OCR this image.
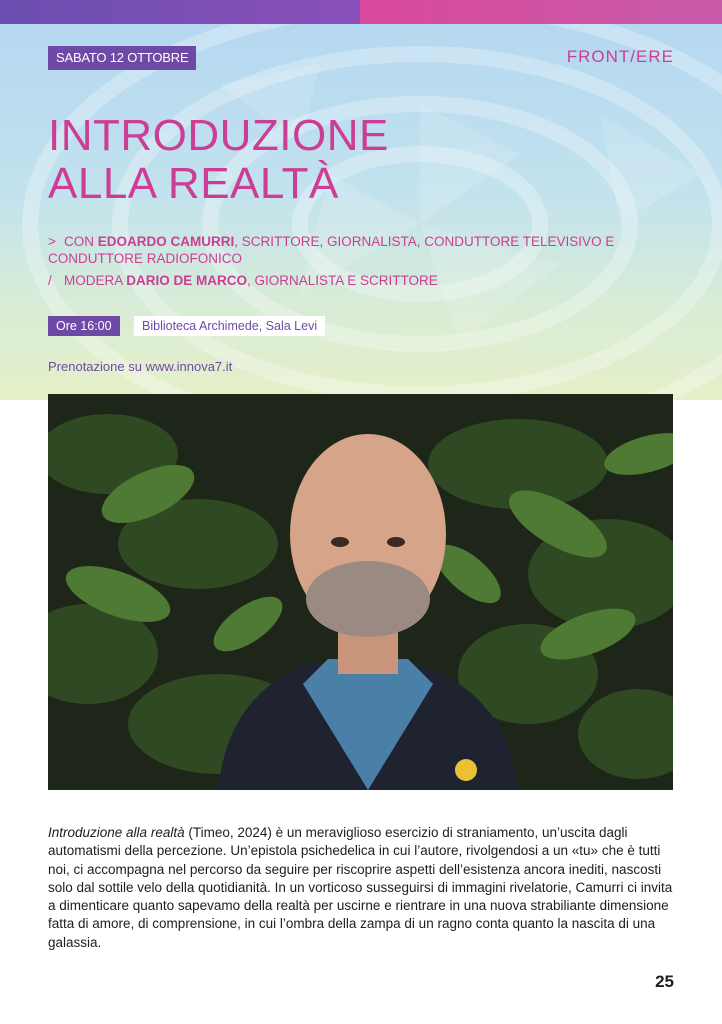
SABATO 12 OTTOBRE	FRONT/ERE
INTRODUZIONE
ALLA REALTÀ
> CON EDOARDO CAMURRI, SCRITTORE, GIORNALISTA, CONDUTTORE TELEVISIVO E CONDUTTORE RADIOFONICO
/ MODERA DARIO DE MARCO, GIORNALISTA E SCRITTORE
Ore 16:00	Biblioteca Archimede, Sala Levi
Prenotazione su www.innova7.it

Introduzione alla realtà (Timeo, 2024) è un meraviglioso esercizio di straniamento, un’uscita dagli automatismi della percezione. Un’epistola psichedelica in cui l’autore, rivolgendosi a un «tu» che è tutti noi, ci accompagna nel percorso da seguire per riscoprire aspetti dell’esistenza ancora inediti, nascosti solo dal sottile velo della quotidianità. In un vorticoso susseguirsi di immagini rivelatorie, Camurri ci invita a dimenticare quanto sapevamo della realtà per uscirne e rientrare in una nuova strabiliante dimensione fatta di amore, di comprensione, in cui l’ombra della zampa di un ragno conta quanto la nascita di una galassia.

25
